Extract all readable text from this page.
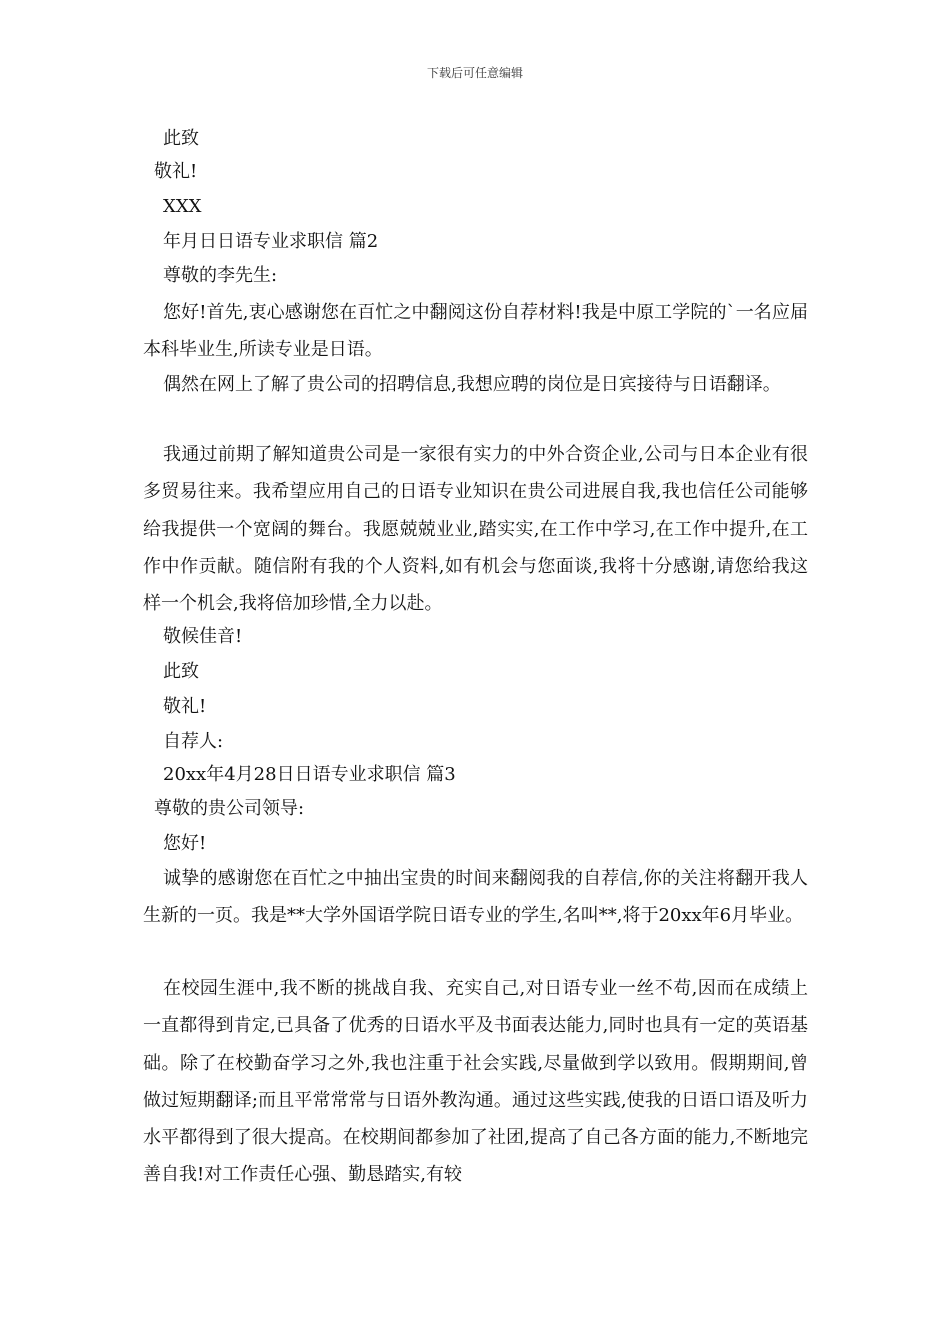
下载后可任意编辑
此致
敬礼!
XXX
年月日日语专业求职信 篇2
尊敬的李先生:
您好!首先,衷心感谢您在百忙之中翻阅这份自荐材料!我是中原工学院的`一名应届本科毕业生,所读专业是日语。
偶然在网上了解了贵公司的招聘信息,我想应聘的岗位是日宾接待与日语翻译。
我通过前期了解知道贵公司是一家很有实力的中外合资企业,公司与日本企业有很多贸易往来。我希望应用自己的日语专业知识在贵公司进展自我,我也信任公司能够给我提供一个宽阔的舞台。我愿兢兢业业,踏实实,在工作中学习,在工作中提升,在工作中作贡献。随信附有我的个人资料,如有机会与您面谈,我将十分感谢,请您给我这样一个机会,我将倍加珍惜,全力以赴。
敬候佳音!
此致
敬礼!
自荐人:
20xx年4月28日日语专业求职信 篇3
尊敬的贵公司领导:
您好!
诚挚的感谢您在百忙之中抽出宝贵的时间来翻阅我的自荐信,你的关注将翻开我人生新的一页。我是**大学外国语学院日语专业的学生,名叫**,将于20xx年6月毕业。
在校园生涯中,我不断的挑战自我、充实自己,对日语专业一丝不苟,因而在成绩上一直都得到肯定,已具备了优秀的日语水平及书面表达能力,同时也具有一定的英语基础。除了在校勤奋学习之外,我也注重于社会实践,尽量做到学以致用。假期期间,曾做过短期翻译;而且平常常常与日语外教沟通。通过这些实践,使我的日语口语及听力水平都得到了很大提高。在校期间都参加了社团,提高了自己各方面的能力,不断地完善自我!对工作责任心强、勤恳踏实,有较
